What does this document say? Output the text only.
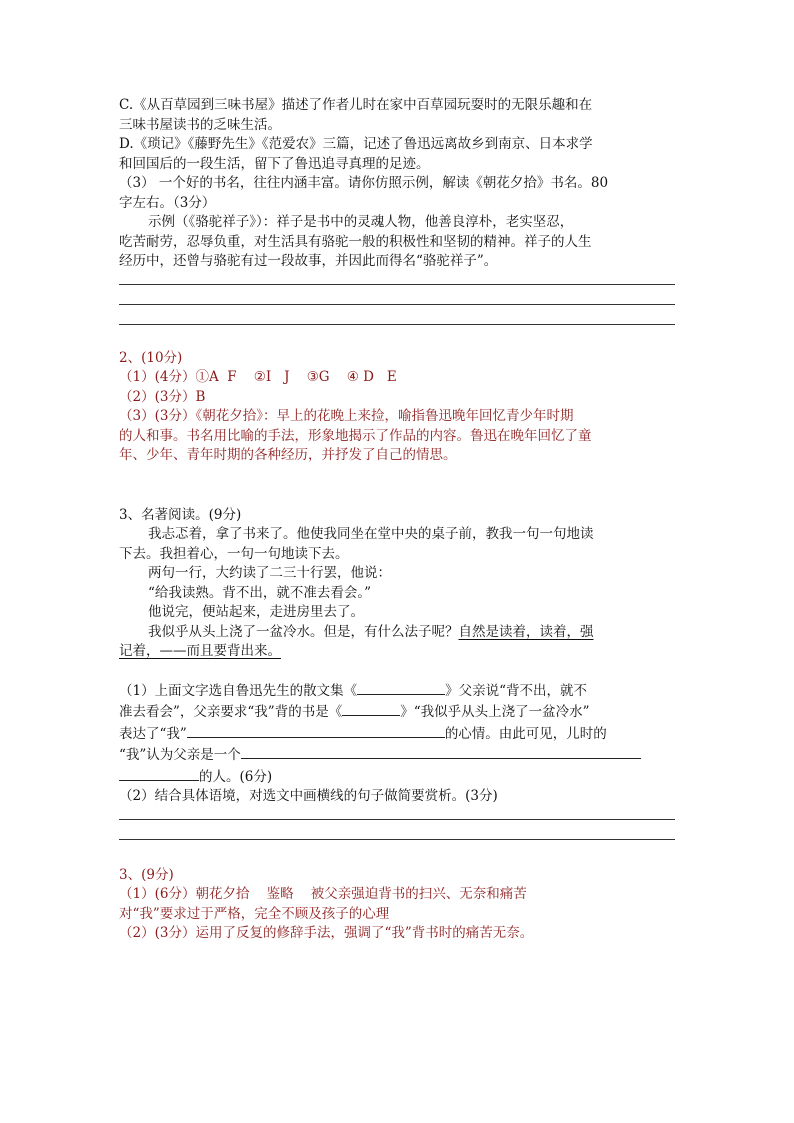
C.《从百草园到三味书屋》描述了作者儿时在家中百草园玩耍时的无限乐趣和在
三味书屋读书的乏味生活。
D.《琐记》《藤野先生》《范爱农》三篇，记述了鲁迅远离故乡到南京、日本求学
和回国后的一段生活，留下了鲁迅追寻真理的足迹。
（3） 一个好的书名，往往内涵丰富。请你仿照示例，解读《朝花夕拾》书名。80
字左右。（3分）
示例（《骆驼祥子》）：祥子是书中的灵魂人物，他善良淳朴，老实坚忍，
吃苦耐劳，忍辱负重，对生活具有骆驼一般的积极性和坚韧的精神。祥子的人生
经历中，还曾与骆驼有过一段故事，并因此而得名“骆驼祥子”。
2、(10分)
（1）(4分）①A  F    ②I   J    ③G    ④ D   E
（2）(3分）B
（3）(3分）《朝花夕拾》：早上的花晚上来捡，喻指鲁迅晚年回忆青少年时期
的人和事。书名用比喻的手法，形象地揭示了作品的内容。鲁迅在晚年回忆了童
年、少年、青年时期的各种经历，并抒发了自己的情思。
3、名著阅读。(9分)
我忐忑着，拿了书来了。他使我同坐在堂中央的桌子前，教我一句一句地读
下去。我担着心，一句一句地读下去。
两句一行，大约读了二三十行罢，他说：
“给我读熟。背不出，就不准去看会。”
他说完，便站起来，走进房里去了。
我似乎从头上浇了一盆冷水。但是，有什么法子呢？自然是读着，读着，强
记着，——而且要背出来。
（1）上面文字选自鲁迅先生的散文集《	》父亲说“背不出，就不
准去看会”，父亲要求“我”背的书是《	》“我似乎从头上浇了一盆冷水”
表达了“我”	的心情。由此可见，儿时的
“我”认为父亲是一个
的人。(6分)
（2）结合具体语境，对选文中画横线的句子做简要赏析。(3分)
3、(9分)
（1）(6分）朝花夕拾    鉴略    被父亲强迫背书的扫兴、无奈和痛苦
对“我”要求过于严格，完全不顾及孩子的心理
（2）(3分）运用了反复的修辞手法，强调了“我”背书时的痛苦无奈。
